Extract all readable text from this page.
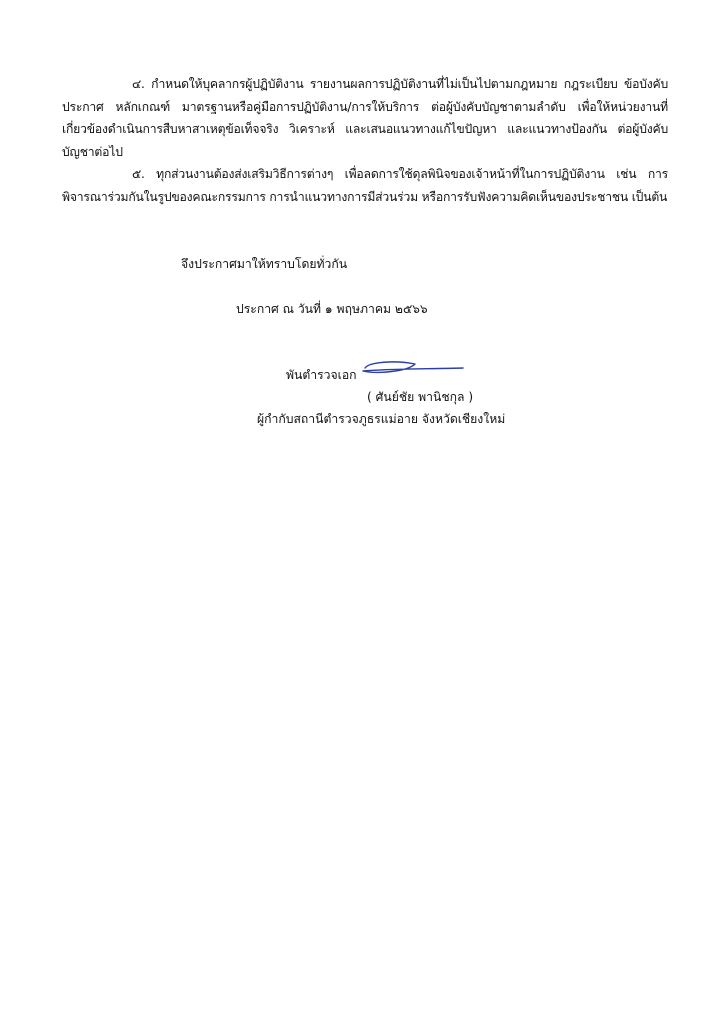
๔. กำหนดให้บุคลากรผู้ปฏิบัติงาน รายงานผลการปฏิบัติงานที่ไม่เป็นไปตามกฎหมาย กฎระเบียบ ข้อบังคับ ประกาศ หลักเกณฑ์ มาตรฐานหรือคู่มือการปฏิบัติงาน/การให้บริการ ต่อผู้บังคับบัญชาตามลำดับ เพื่อให้หน่วยงานที่เกี่ยวข้องดำเนินการสืบหาสาเหตุข้อเท็จจริง วิเคราะห์ และเสนอแนวทางแก้ไขปัญหา และแนวทางป้องกัน ต่อผู้บังคับบัญชาต่อไป
๕. ทุกส่วนงานต้องส่งเสริมวิธีการต่างๆ เพื่อลดการใช้ดุลพินิจของเจ้าหน้าที่ในการปฏิบัติงาน เช่น การพิจารณาร่วมกันในรูปของคณะกรรมการ การนำแนวทางการมีส่วนร่วม หรือการรับฟังความคิดเห็นของประชาชน เป็นต้น
จึงประกาศมาให้ทราบโดยทั่วกัน
ประกาศ ณ วันที่ ๑ พฤษภาคม ๒๕๖๖
พันตำรวจเอก
( ศันย์ชัย พานิชกุล )
ผู้กำกับสถานีตำรวจภูธรแม่อาย จังหวัดเชียงใหม่
